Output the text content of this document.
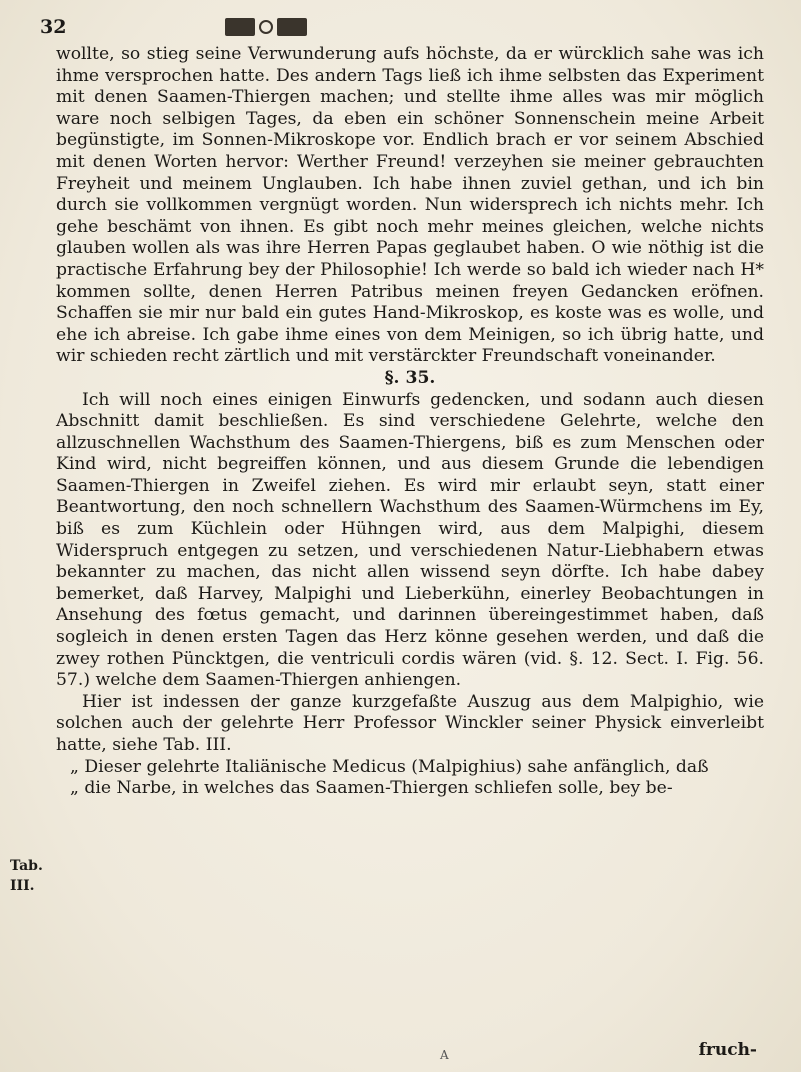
32

wollte, so stieg seine Verwunderung aufs höchste, da er würcklich sahe was ich ihme versprochen hatte. Des andern Tags ließ ich ihme selbsten das Experiment mit denen Saamen-Thiergen machen; und stellte ihme alles was mir möglich ware noch selbigen Tages, da eben ein schöner Sonnenschein meine Arbeit begünstigte, im Sonnen-Mikroskope vor. Endlich brach er vor seinem Abschied mit denen Worten hervor: Werther Freund! verzeyhen sie meiner gebrauchten Freyheit und meinem Unglauben. Ich habe ihnen zuviel gethan, und ich bin durch sie vollkommen vergnügt worden. Nun widersprech ich nichts mehr. Ich gehe beschämt von ihnen. Es gibt noch mehr meines gleichen, welche nichts glauben wollen als was ihre Herren Papas geglaubet haben. O wie nöthig ist die practische Erfahrung bey der Philosophie! Ich werde so bald ich wieder nach H* kommen sollte, denen Herren Patribus meinen freyen Gedancken eröfnen. Schaffen sie mir nur bald ein gutes Hand-Mikroskop, es koste was es wolle, und ehe ich abreise. Ich gabe ihme eines von dem Meinigen, so ich übrig hatte, und wir schieden recht zärtlich und mit verstärckter Freundschaft voneinander.

§. 35.

Ich will noch eines einigen Einwurfs gedencken, und sodann auch diesen Abschnitt damit beschließen. Es sind verschiedene Gelehrte, welche den allzuschnellen Wachsthum des Saamen-Thiergens, biß es zum Menschen oder Kind wird, nicht begreiffen können, und aus diesem Grunde die lebendigen Saamen-Thiergen in Zweifel ziehen. Es wird mir erlaubt seyn, statt einer Beantwortung, den noch schnellern Wachsthum des Saamen-Würmchens im Ey, biß es zum Küchlein oder Hühngen wird, aus dem Malpighi, diesem Widerspruch entgegen zu setzen, und verschiedenen Natur-Liebhabern etwas bekannter zu machen, das nicht allen wissend seyn dörfte. Ich habe dabey bemerket, daß Harvey, Malpighi und Lieberkühn, einerley Beobachtungen in Ansehung des fœtus gemacht, und darinnen übereingestimmet haben, daß sogleich in denen ersten Tagen das Herz könne gesehen werden, und daß die zwey rothen Püncktgen, die ventriculi cordis wären (vid. §. 12. Sect. I. Fig. 56. 57.) welche dem Saamen-Thiergen anhiengen.

Hier ist indessen der ganze kurzgefaßte Auszug aus dem Malpighio, wie solchen auch der gelehrte Herr Professor Winckler seiner Physick einverleibt hatte, siehe Tab. III.

„ Dieser gelehrte Italiänische Medicus (Malpighius) sahe anfänglich, daß

„ die Narbe, in welches das Saamen-Thiergen schliefen solle, bey be-

Tab.
III.
A	fruch-
